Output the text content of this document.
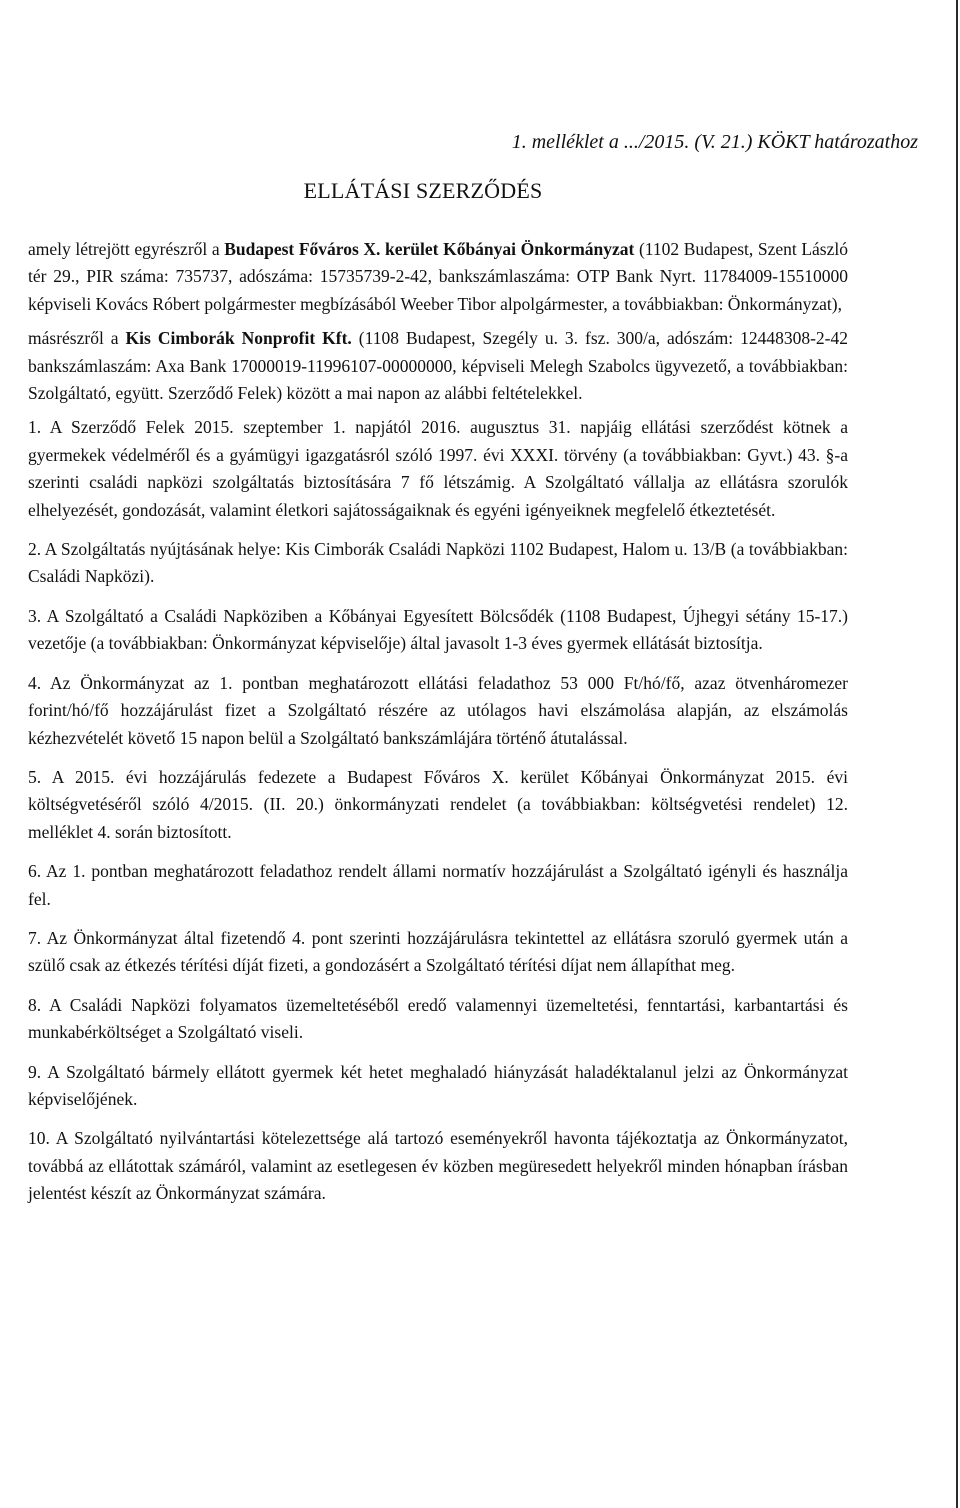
1. melléklet a .../2015. (V. 21.) KÖKT határozathoz
ELLÁTÁSI SZERZŐDÉS

amely létrejött egyrészről a Budapest Főváros X. kerület Kőbányai Önkormányzat (1102 Budapest, Szent László tér 29., PIR száma: 735737, adószáma: 15735739-2-42, bankszámlaszáma: OTP Bank Nyrt. 11784009-15510000 képviseli Kovács Róbert polgármester megbízásából Weeber Tibor alpolgármester, a továbbiakban: Önkormányzat),

másrészről a Kis Cimborák Nonprofit Kft. (1108 Budapest, Szegély u. 3. fsz. 300/a, adószám: 12448308-2-42 bankszámlaszám: Axa Bank 17000019-11996107-00000000, képviseli Melegh Szabolcs ügyvezető, a továbbiakban: Szolgáltató, együtt. Szerződő Felek) között a mai napon az alábbi feltételekkel.

1. A Szerződő Felek 2015. szeptember 1. napjától 2016. augusztus 31. napjáig ellátási szerződést kötnek a gyermekek védelméről és a gyámügyi igazgatásról szóló 1997. évi XXXI. törvény (a továbbiakban: Gyvt.) 43. §-a szerinti családi napközi szolgáltatás biztosítására 7 fő létszámig. A Szolgáltató vállalja az ellátásra szorulók elhelyezését, gondozását, valamint életkori sajátosságaiknak és egyéni igényeiknek megfelelő étkeztetését.

2. A Szolgáltatás nyújtásának helye: Kis Cimborák Családi Napközi 1102 Budapest, Halom u. 13/B (a továbbiakban: Családi Napközi).

3. A Szolgáltató a Családi Napköziben a Kőbányai Egyesített Bölcsődék (1108 Budapest, Újhegyi sétány 15-17.) vezetője (a továbbiakban: Önkormányzat képviselője) által javasolt 1-3 éves gyermek ellátását biztosítja.

4. Az Önkormányzat az 1. pontban meghatározott ellátási feladathoz 53 000 Ft/hó/fő, azaz ötvenháromezer forint/hó/fő hozzájárulást fizet a Szolgáltató részére az utólagos havi elszámolása alapján, az elszámolás kézhezvételét követő 15 napon belül a Szolgáltató bankszámlájára történő átutalással.

5. A 2015. évi hozzájárulás fedezete a Budapest Főváros X. kerület Kőbányai Önkormányzat 2015. évi költségvetéséről szóló 4/2015. (II. 20.) önkormányzati rendelet (a továbbiakban: költségvetési rendelet) 12. melléklet 4. során biztosított.

6. Az 1. pontban meghatározott feladathoz rendelt állami normatív hozzájárulást a Szolgáltató igényli és használja fel.

7. Az Önkormányzat által fizetendő 4. pont szerinti hozzájárulásra tekintettel az ellátásra szoruló gyermek után a szülő csak az étkezés térítési díját fizeti, a gondozásért a Szolgáltató térítési díjat nem állapíthat meg.

8. A Családi Napközi folyamatos üzemeltetéséből eredő valamennyi üzemeltetési, fenntartási, karbantartási és munkabérköltséget a Szolgáltató viseli.

9. A Szolgáltató bármely ellátott gyermek két hetet meghaladó hiányzását haladéktalanul jelzi az Önkormányzat képviselőjének.

10. A Szolgáltató nyilvántartási kötelezettsége alá tartozó eseményekről havonta tájékoztatja az Önkormányzatot, továbbá az ellátottak számáról, valamint az esetlegesen év közben megüresedett helyekről minden hónapban írásban jelentést készít az Önkormányzat számára.
